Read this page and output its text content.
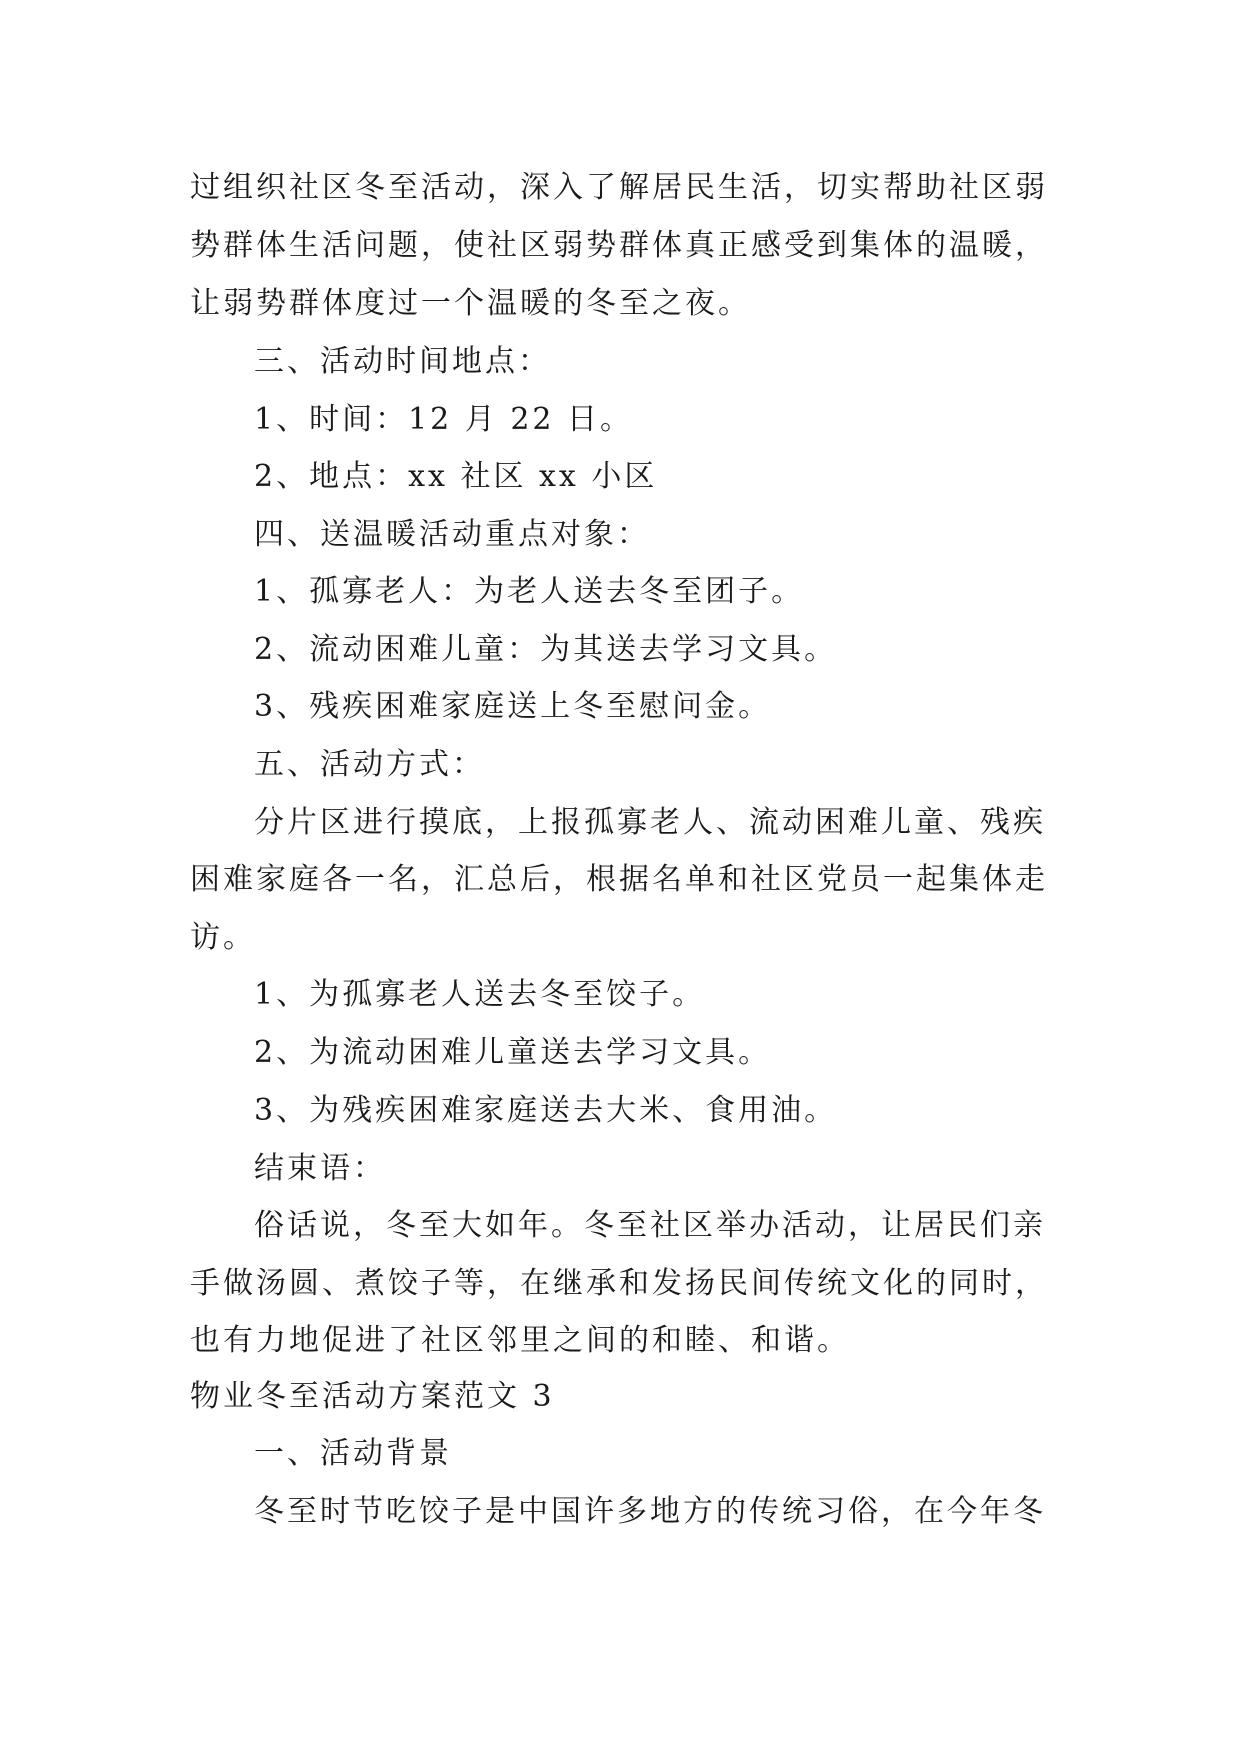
过组织社区冬至活动，深入了解居民生活，切实帮助社区弱

势群体生活问题，使社区弱势群体真正感受到集体的温暖，

让弱势群体度过一个温暖的冬至之夜。

三、活动时间地点：

1、时间：12 月 22 日。

2、地点：xx 社区 xx 小区

四、送温暖活动重点对象：

1、孤寡老人：为老人送去冬至团子。

2、流动困难儿童：为其送去学习文具。

3、残疾困难家庭送上冬至慰问金。

五、活动方式：

分片区进行摸底，上报孤寡老人、流动困难儿童、残疾

困难家庭各一名，汇总后，根据名单和社区党员一起集体走

访。

1、为孤寡老人送去冬至饺子。

2、为流动困难儿童送去学习文具。

3、为残疾困难家庭送去大米、食用油。

结束语：

俗话说，冬至大如年。冬至社区举办活动，让居民们亲

手做汤圆、煮饺子等，在继承和发扬民间传统文化的同时，

也有力地促进了社区邻里之间的和睦、和谐。

物业冬至活动方案范文 3

一、活动背景

冬至时节吃饺子是中国许多地方的传统习俗，在今年冬
